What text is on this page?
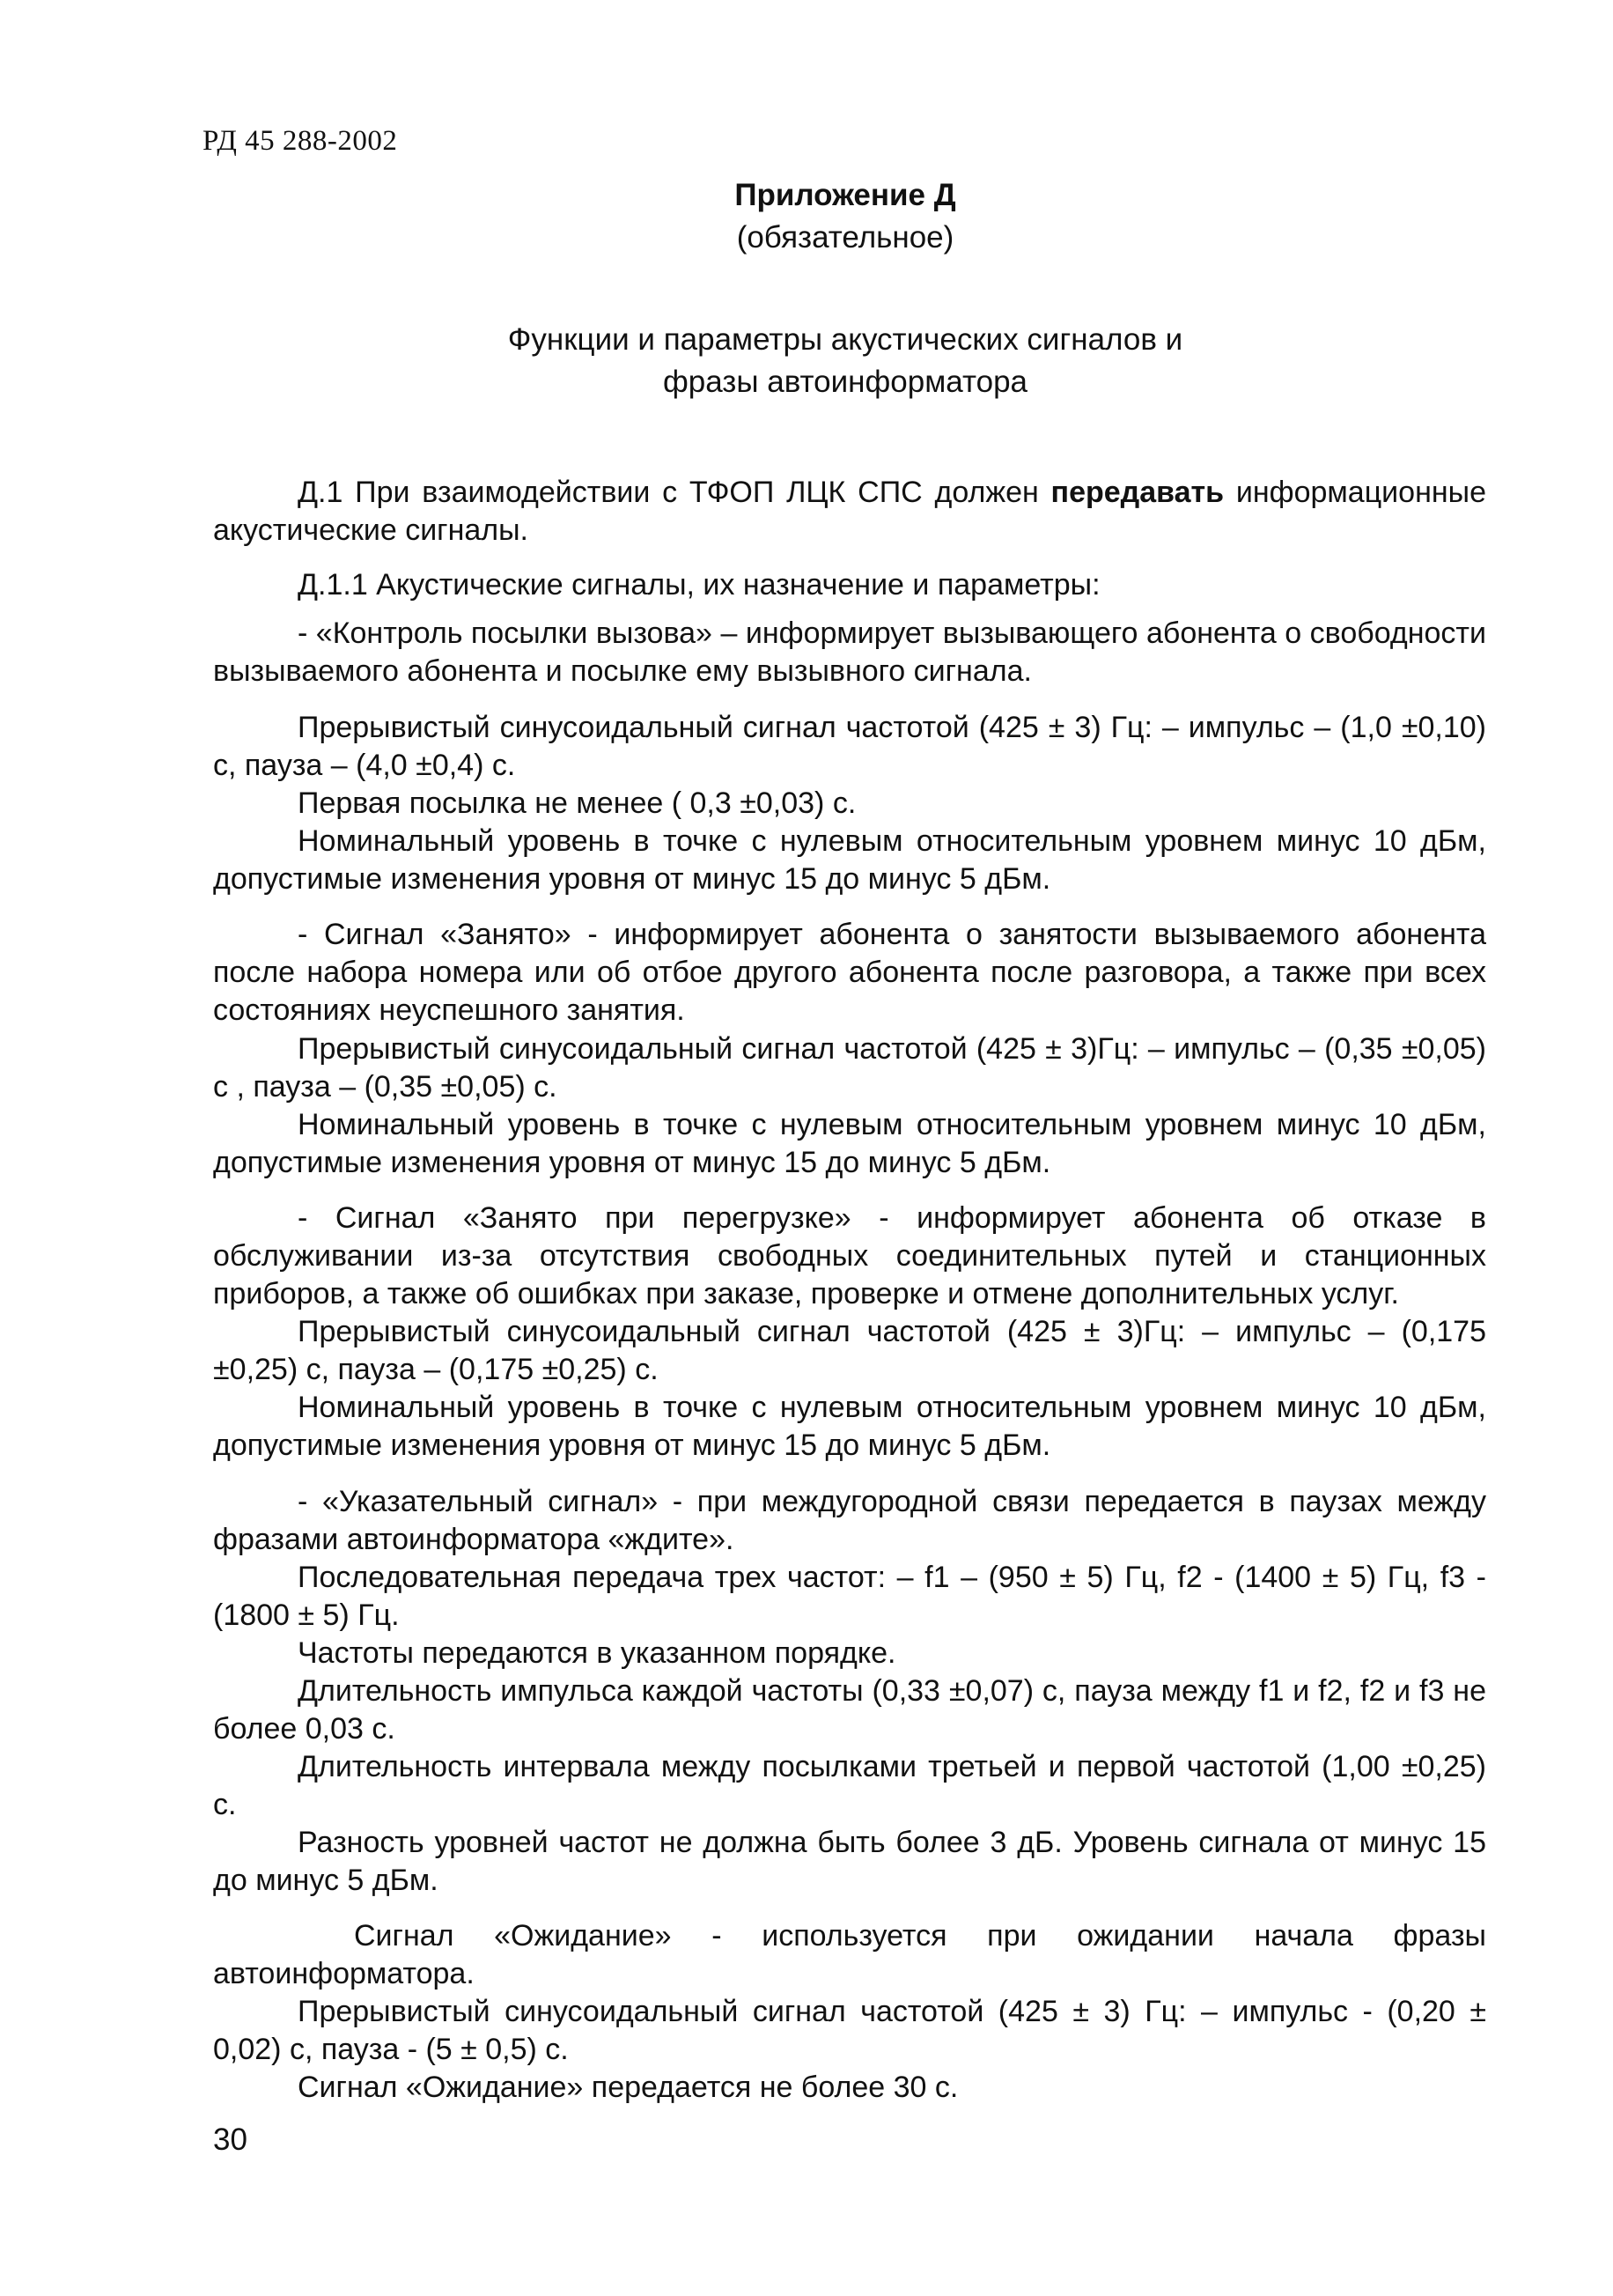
РД 45 288-2002
Приложение Д
(обязательное)
Функции и параметры акустических сигналов и
фразы автоинформатора
Д.1 При взаимодействии с ТФОП ЛЦК СПС должен передавать информационные акустические сигналы.
Д.1.1 Акустические сигналы, их назначение и параметры:
- «Контроль посылки вызова» – информирует вызывающего абонента о свободности вызываемого абонента и посылке ему вызывного сигнала.
Прерывистый синусоидальный сигнал частотой (425 ± 3) Гц: – импульс – (1,0 ±0,10) с, пауза – (4,0 ±0,4) с.
Первая посылка не менее ( 0,3 ±0,03) с.
Номинальный уровень в точке с нулевым относительным уровнем минус 10 дБм, допустимые изменения уровня от минус 15 до минус 5 дБм.
- Сигнал «Занято» - информирует абонента о занятости вызываемого абонента после набора номера или об отбое другого абонента после разговора, а также при всех состояниях неуспешного занятия.
Прерывистый синусоидальный сигнал частотой (425 ± 3)Гц: – импульс – (0,35 ±0,05) с , пауза – (0,35 ±0,05) с.
Номинальный уровень в точке с нулевым относительным уровнем минус 10 дБм, допустимые изменения уровня от минус 15 до минус 5 дБм.
- Сигнал «Занято при перегрузке» - информирует абонента об отказе в обслуживании из-за отсутствия свободных соединительных путей и станционных приборов, а также об ошибках при заказе, проверке и отмене дополнительных услуг.
Прерывистый синусоидальный сигнал частотой (425 ± 3)Гц: – импульс – (0,175 ±0,25) с, пауза – (0,175 ±0,25) с.
Номинальный уровень в точке с нулевым относительным уровнем минус 10 дБм, допустимые изменения уровня от минус 15 до минус 5 дБм.
- «Указательный сигнал» - при междугородной связи передается в паузах между фразами автоинформатора «ждите».
Последовательная передача трех частот: – f1 – (950 ± 5) Гц, f2 - (1400 ± 5) Гц, f3 - (1800 ± 5) Гц.
Частоты передаются в указанном порядке.
Длительность импульса каждой частоты (0,33 ±0,07) с, пауза между f1 и f2, f2 и f3 не более 0,03 с.
Длительность интервала между посылками третьей и первой частотой (1,00 ±0,25) с.
Разность уровней частот не должна быть более 3 дБ. Уровень сигнала от минус 15 до минус 5 дБм.
Сигнал «Ожидание» - используется при ожидании начала фразы автоинформатора.
Прерывистый синусоидальный сигнал частотой (425 ± 3) Гц: – импульс - (0,20 ± 0,02) с, пауза - (5 ± 0,5) с.
Сигнал «Ожидание» передается не более 30 с.
30
